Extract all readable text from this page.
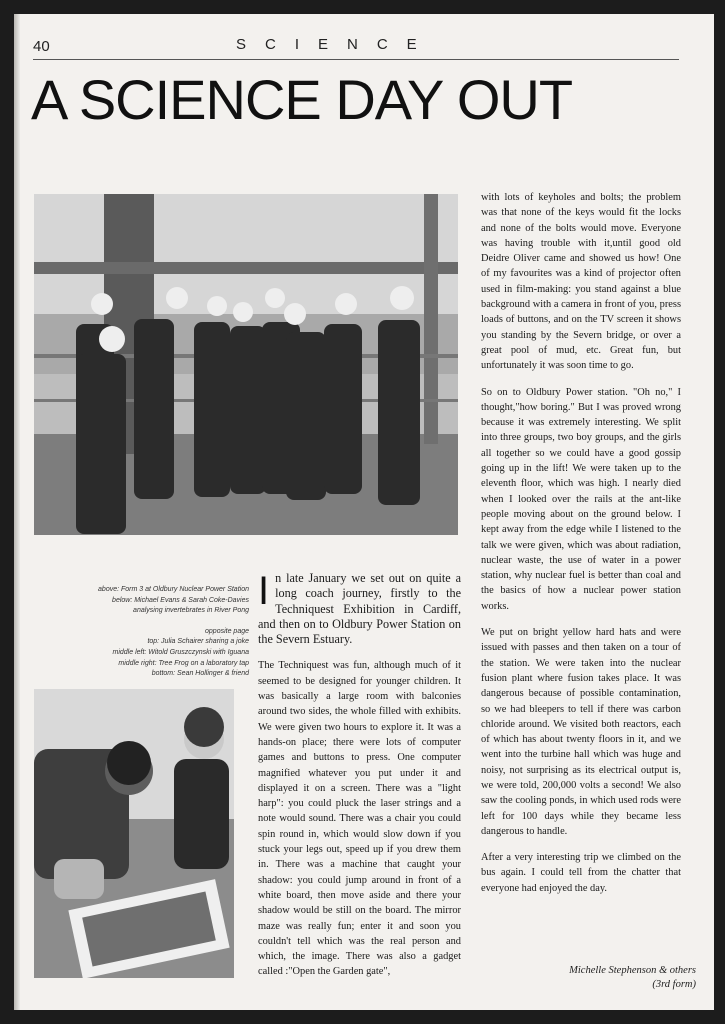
40	SCIENCE
A SCIENCE DAY OUT
above: Form 3 at Oldbury Nuclear Power Station
below: Michael Evans & Sarah Coke-Davies
analysing invertebrates in River Pong
opposite page
top: Julia Schairer sharing a joke
middle left: Witold Gruszczynski with Iguana
middle right: Tree Frog on a laboratory tap
bottom: Sean Hollinger & friend

In late January we set out on quite a long coach journey, firstly to the Techniquest Exhibition in Cardiff, and then on to Oldbury Power Station on the Severn Estuary.

The Techniquest was fun, although much of it seemed to be designed for younger children. It was basically a large room with balconies around two sides, the whole filled with exhibits. We were given two hours to explore it. It was a hands-on place; there were lots of computer games and buttons to press. One computer magnified whatever you put under it and displayed it on a screen. There was a "light harp": you could pluck the laser strings and a note would sound. There was a chair you could spin round in, which would slow down if you stuck your legs out, speed up if you drew them in. There was a machine that caught your shadow: you could jump around in front of a white board, then move aside and there your shadow would be still on the board. The mirror maze was really fun; enter it and soon you couldn't tell which was the real person and which, the image. There was also a gadget called :"Open the Garden gate",

with lots of keyholes and bolts; the problem was that none of the keys would fit the locks and none of the bolts would move. Everyone was having trouble with it,until good old Deidre Oliver came and showed us how! One of my favourites was a kind of projector often used in film-making: you stand against a blue background with a camera in front of you, press loads of buttons, and on the TV screen it shows you standing by the Severn bridge, or over a great pool of mud, etc. Great fun, but unfortunately it was soon time to go.

So on to Oldbury Power station. "Oh no," I thought,"how boring." But I was proved wrong because it was extremely interesting. We split into three groups, two boy groups, and the girls all together so we could have a good gossip going up in the lift! We were taken up to the eleventh floor, which was high. I nearly died when I looked over the rails at the ant-like people moving about on the ground below. I kept away from the edge while I listened to the talk we were given, which was about radiation, nuclear waste, the use of water in a power station, why nuclear fuel is better than coal and the basics of how a nuclear power station works.

We put on bright yellow hard hats and were issued with passes and then taken on a tour of the station. We were taken into the nuclear fusion plant where fusion takes place. It was dangerous because of possible contamination, so we had bleepers to tell if there was carbon chloride around. We visited both reactors, each of which has about twenty floors in it, and we went into the turbine hall which was huge and noisy, not surprising as its electrical output is, we were told, 200,000 volts a second! We also saw the cooling ponds, in which used rods were left for 100 days while they became less dangerous to handle.

After a very interesting trip we climbed on the bus again. I could tell from the chatter that everyone had enjoyed the day.

Michelle Stephenson & others
(3rd form)
